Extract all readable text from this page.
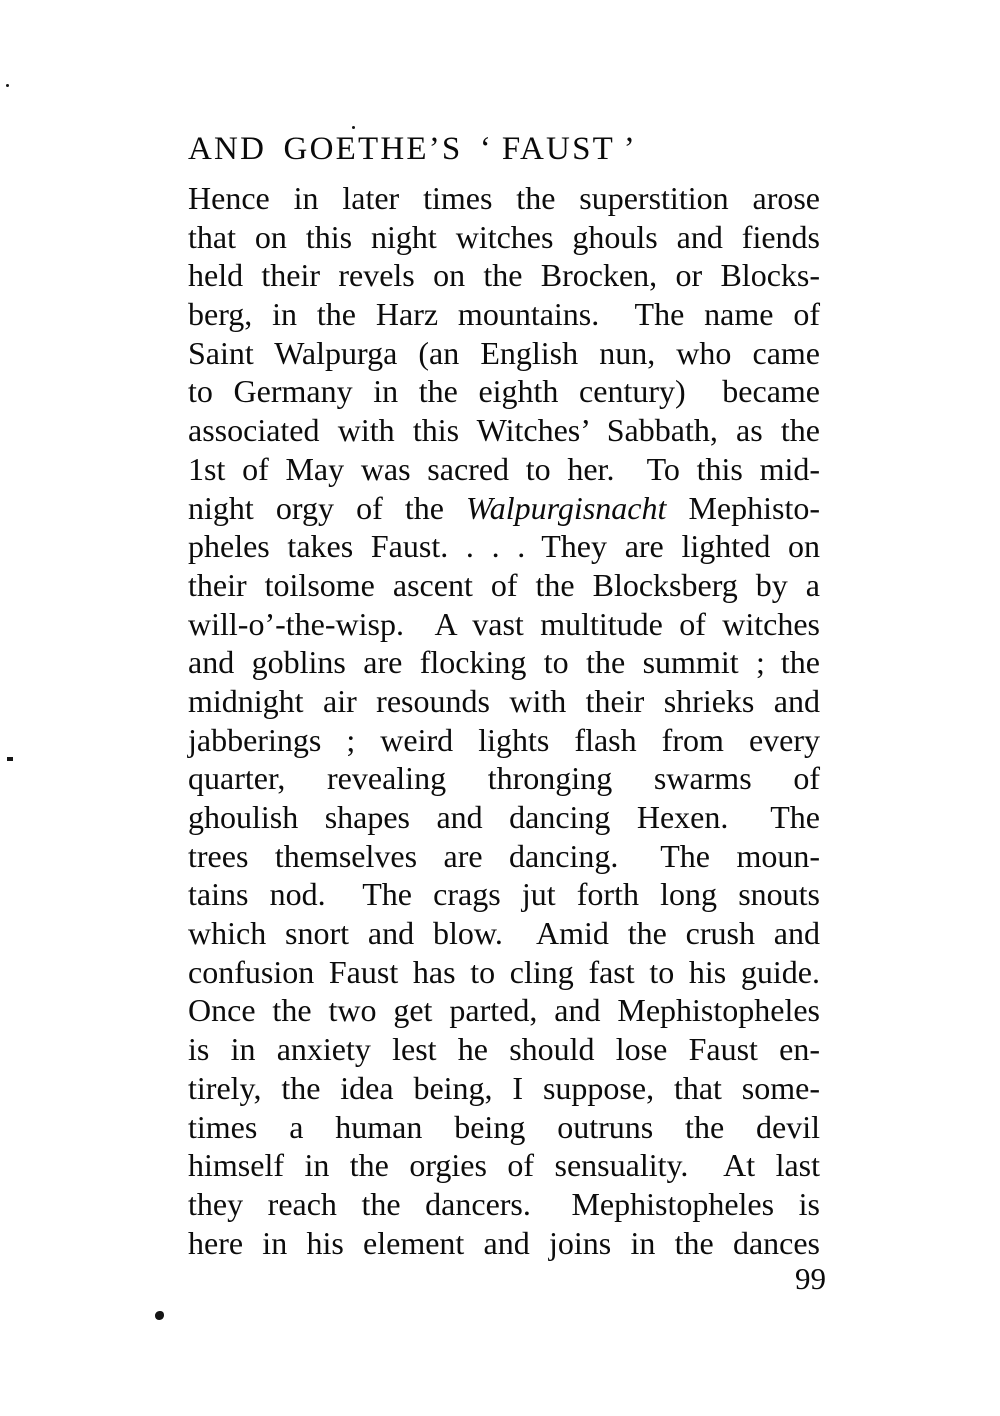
AND GOETHE’S ‘ FAUST ’
Hence in later times the superstition arose
that on this night witches ghouls and fiends
held their revels on the Brocken, or Blocks-
berg, in the Harz mountains.  The name of
Saint Walpurga (an English nun, who came
to Germany in the eighth century)  became
associated with this Witches’ Sabbath, as the
1st of May was sacred to her.  To this mid-
night orgy of the Walpurgisnacht Mephisto-
pheles takes Faust. . . . They are lighted on
their toilsome ascent of the Blocksberg by a
will-o’-the-wisp.  A vast multitude of witches
and goblins are flocking to the summit ; the
midnight air resounds with their shrieks and
jabberings ; weird lights flash from every
quarter, revealing thronging swarms of
ghoulish shapes and dancing Hexen.  The
trees themselves are dancing.  The moun-
tains nod.  The crags jut forth long snouts
which snort and blow.  Amid the crush and
confusion Faust has to cling fast to his guide.
Once the two get parted, and Mephistopheles
is in anxiety lest he should lose Faust en-
tirely, the idea being, I suppose, that some-
times a human being outruns the devil
himself in the orgies of sensuality.  At last
they reach the dancers.  Mephistopheles is
here in his element and joins in the dances
99
